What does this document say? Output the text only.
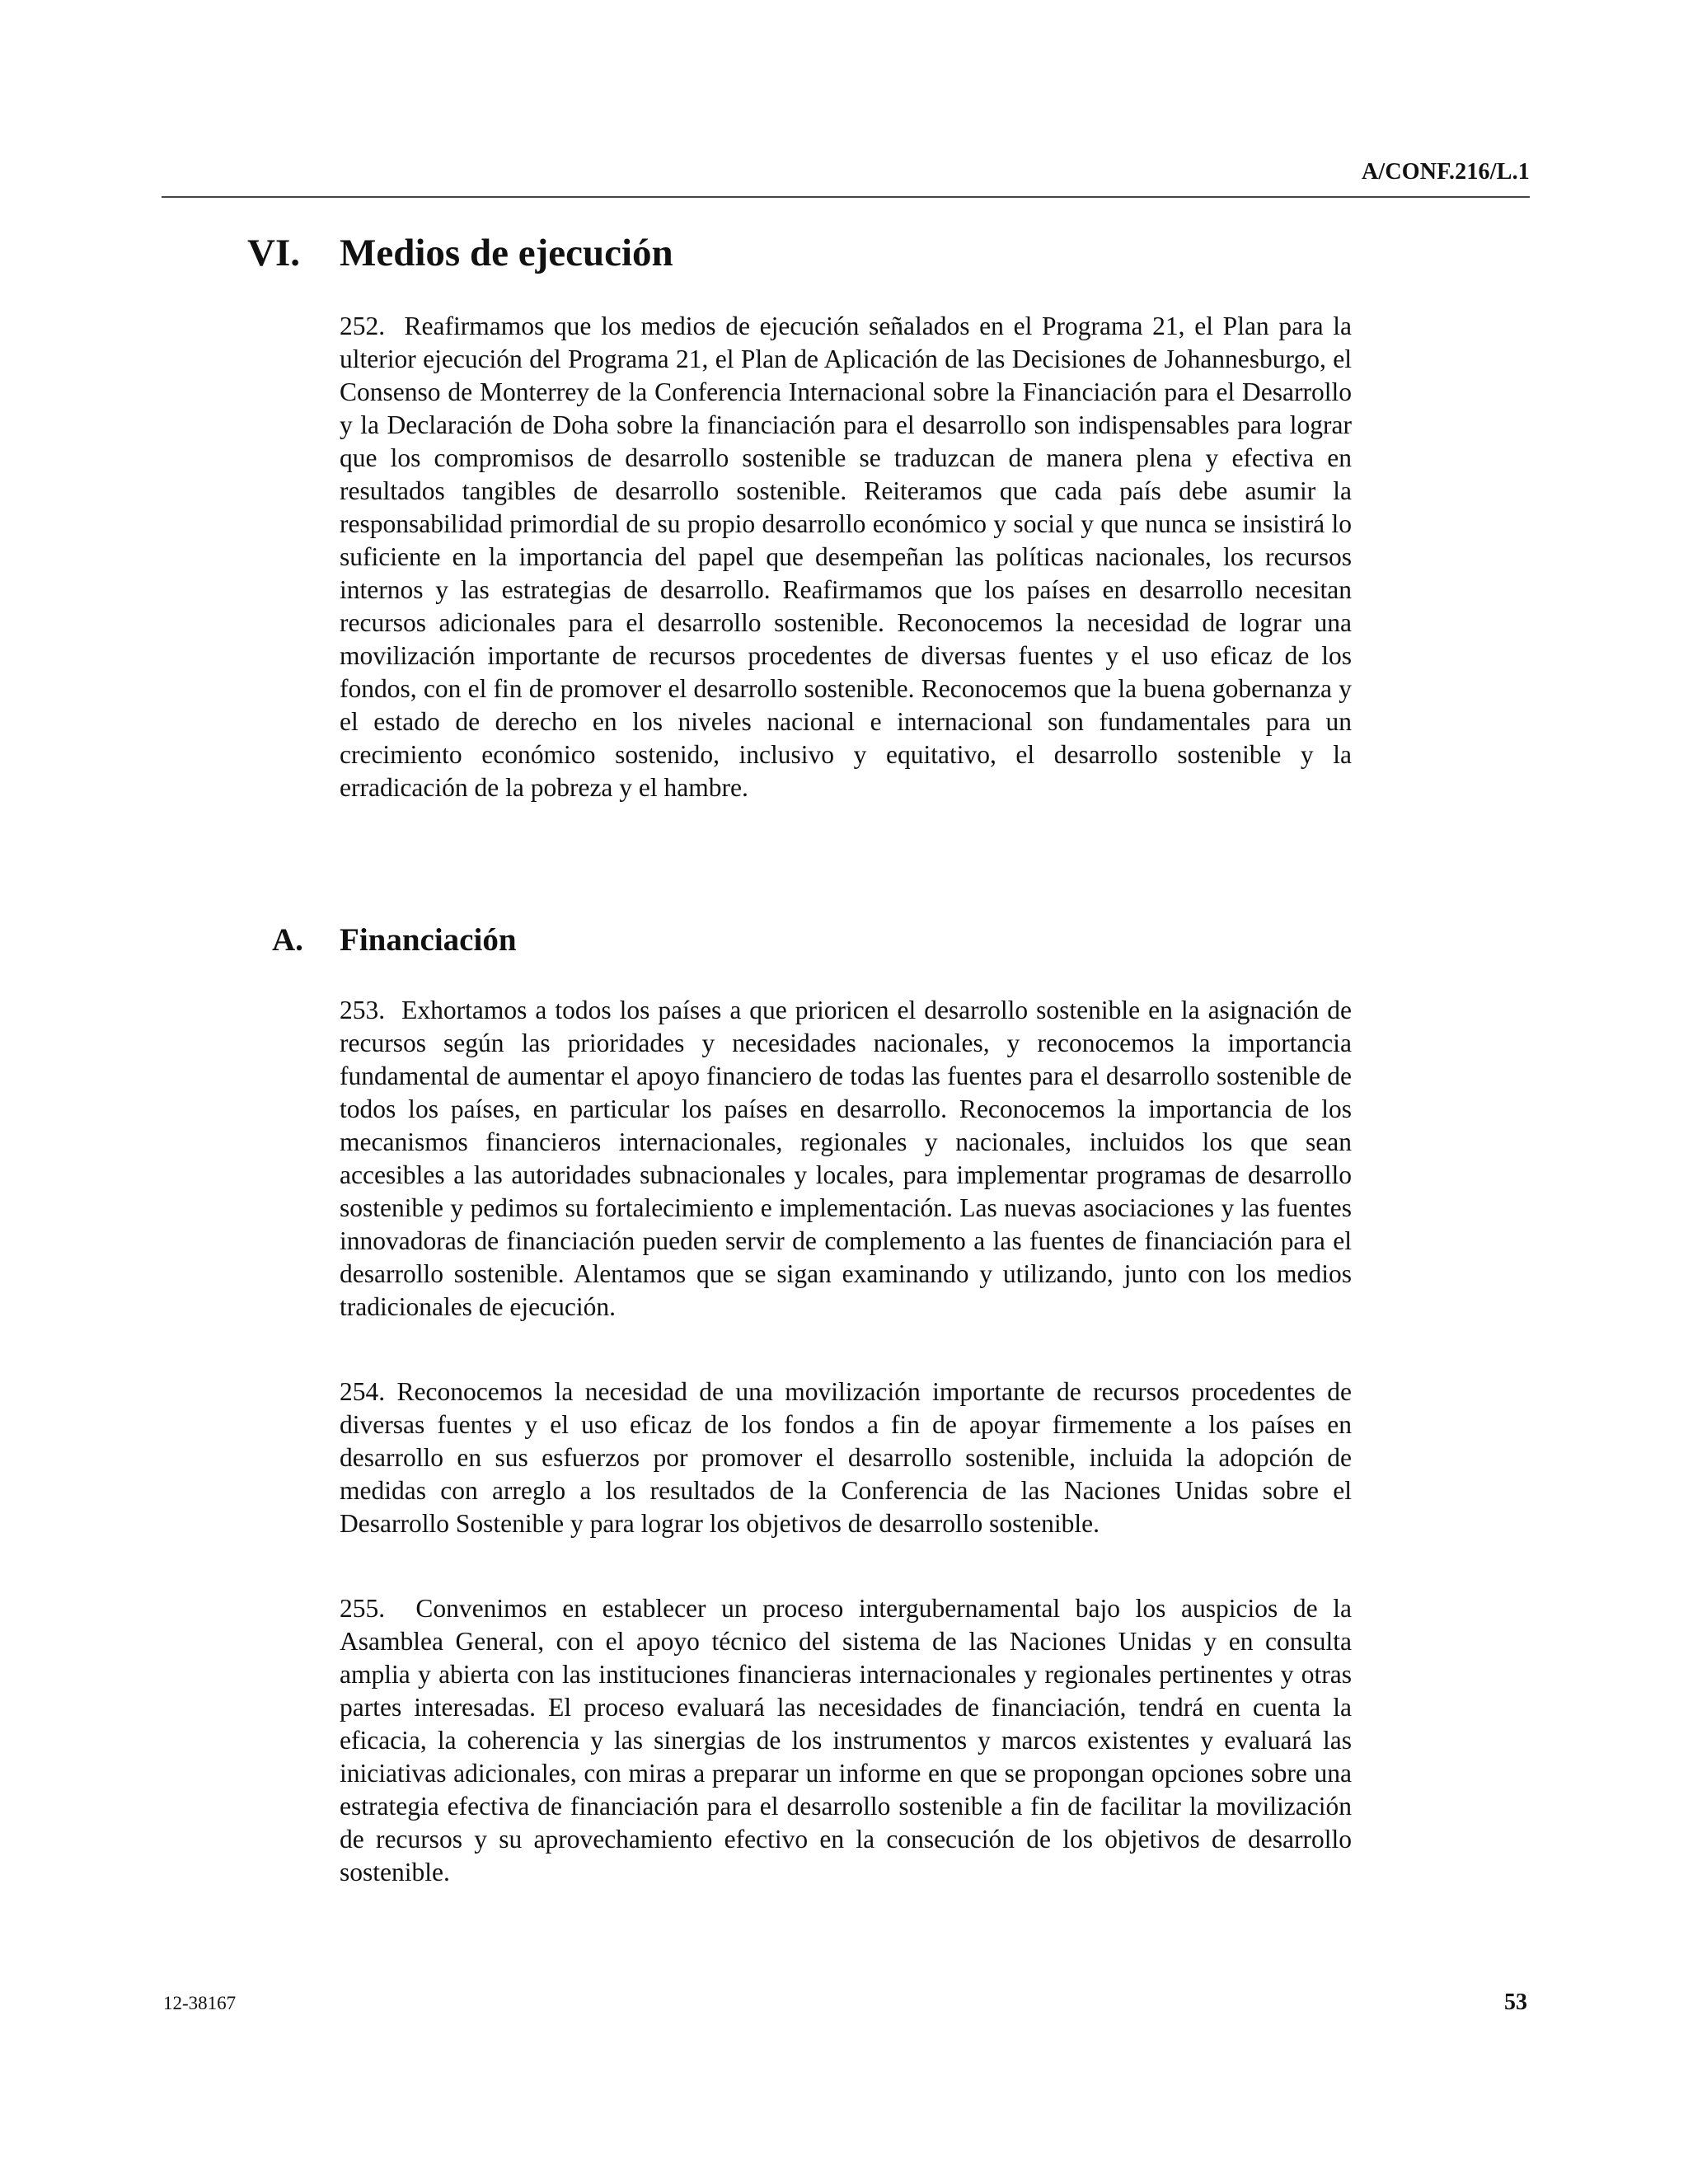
A/CONF.216/L.1
VI. Medios de ejecución

252. Reafirmamos que los medios de ejecución señalados en el Programa 21, el Plan para la ulterior ejecución del Programa 21, el Plan de Aplicación de las Decisiones de Johannesburgo, el Consenso de Monterrey de la Conferencia Internacional sobre la Financiación para el Desarrollo y la Declaración de Doha sobre la financiación para el desarrollo son indispensables para lograr que los compromisos de desarrollo sostenible se traduzcan de manera plena y efectiva en resultados tangibles de desarrollo sostenible. Reiteramos que cada país debe asumir la responsabilidad primordial de su propio desarrollo económico y social y que nunca se insistirá lo suficiente en la importancia del papel que desempeñan las políticas nacionales, los recursos internos y las estrategias de desarrollo. Reafirmamos que los países en desarrollo necesitan recursos adicionales para el desarrollo sostenible. Reconocemos la necesidad de lograr una movilización importante de recursos procedentes de diversas fuentes y el uso eficaz de los fondos, con el fin de promover el desarrollo sostenible. Reconocemos que la buena gobernanza y el estado de derecho en los niveles nacional e internacional son fundamentales para un crecimiento económico sostenido, inclusivo y equitativo, el desarrollo sostenible y la erradicación de la pobreza y el hambre.

A. Financiación

253. Exhortamos a todos los países a que prioricen el desarrollo sostenible en la asignación de recursos según las prioridades y necesidades nacionales, y reconocemos la importancia fundamental de aumentar el apoyo financiero de todas las fuentes para el desarrollo sostenible de todos los países, en particular los países en desarrollo. Reconocemos la importancia de los mecanismos financieros internacionales, regionales y nacionales, incluidos los que sean accesibles a las autoridades subnacionales y locales, para implementar programas de desarrollo sostenible y pedimos su fortalecimiento e implementación. Las nuevas asociaciones y las fuentes innovadoras de financiación pueden servir de complemento a las fuentes de financiación para el desarrollo sostenible. Alentamos que se sigan examinando y utilizando, junto con los medios tradicionales de ejecución.

254. Reconocemos la necesidad de una movilización importante de recursos procedentes de diversas fuentes y el uso eficaz de los fondos a fin de apoyar firmemente a los países en desarrollo en sus esfuerzos por promover el desarrollo sostenible, incluida la adopción de medidas con arreglo a los resultados de la Conferencia de las Naciones Unidas sobre el Desarrollo Sostenible y para lograr los objetivos de desarrollo sostenible.

255. Convenimos en establecer un proceso intergubernamental bajo los auspicios de la Asamblea General, con el apoyo técnico del sistema de las Naciones Unidas y en consulta amplia y abierta con las instituciones financieras internacionales y regionales pertinentes y otras partes interesadas. El proceso evaluará las necesidades de financiación, tendrá en cuenta la eficacia, la coherencia y las sinergias de los instrumentos y marcos existentes y evaluará las iniciativas adicionales, con miras a preparar un informe en que se propongan opciones sobre una estrategia efectiva de financiación para el desarrollo sostenible a fin de facilitar la movilización de recursos y su aprovechamiento efectivo en la consecución de los objetivos de desarrollo sostenible.

12-38167	53
